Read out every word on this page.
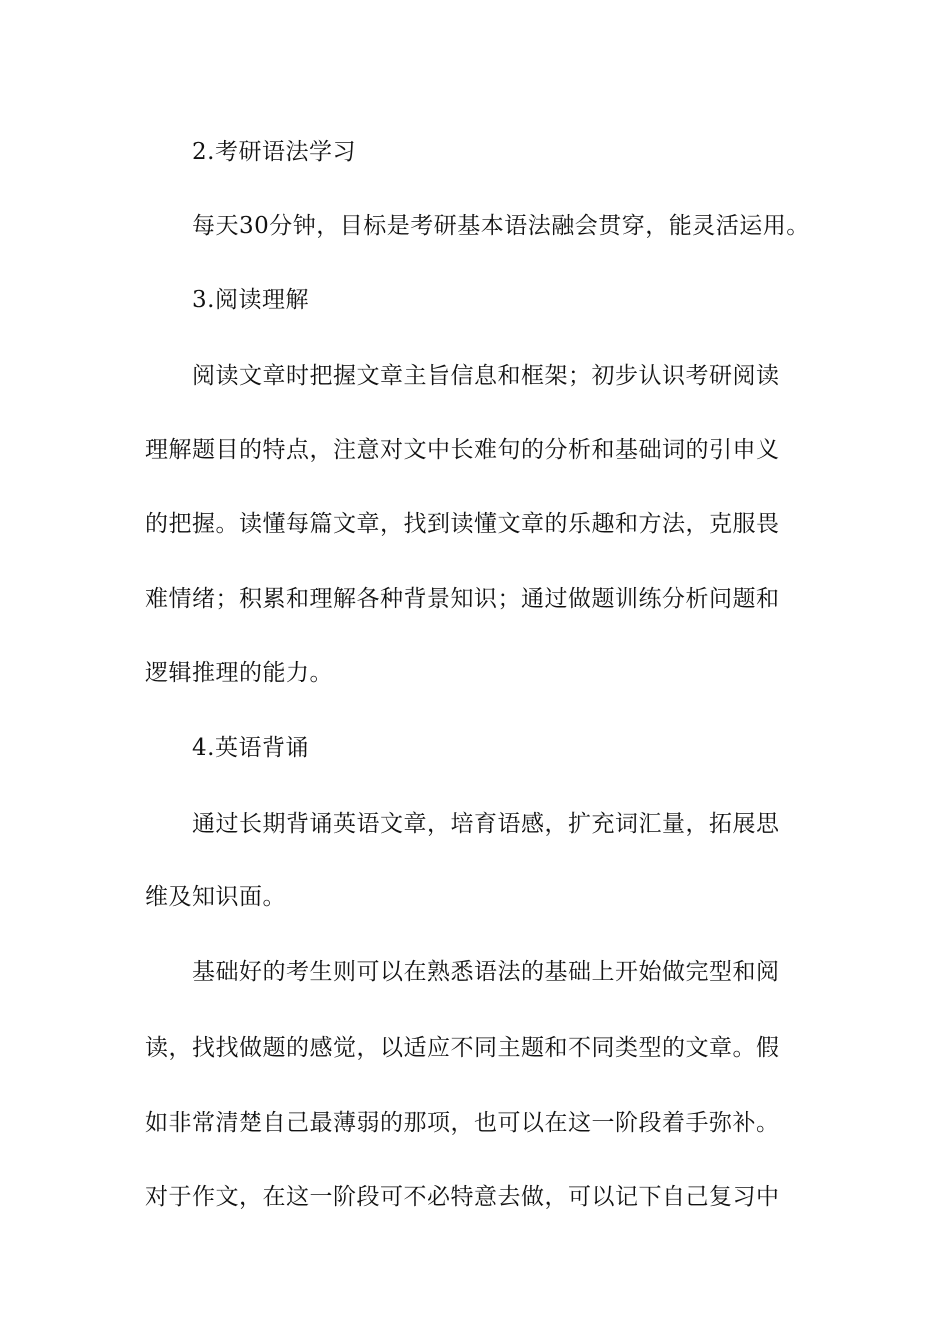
2.考研语法学习

每天30分钟，目标是考研基本语法融会贯穿，能灵活运用。

3.阅读理解

阅读文章时把握文章主旨信息和框架；初步认识考研阅读

理解题目的特点，注意对文中长难句的分析和基础词的引申义

的把握。读懂每篇文章，找到读懂文章的乐趣和方法，克服畏

难情绪；积累和理解各种背景知识；通过做题训练分析问题和

逻辑推理的能力。

4.英语背诵

通过长期背诵英语文章，培育语感，扩充词汇量，拓展思

维及知识面。

基础好的考生则可以在熟悉语法的基础上开始做完型和阅

读，找找做题的感觉，以适应不同主题和不同类型的文章。假

如非常清楚自己最薄弱的那项，也可以在这一阶段着手弥补。

对于作文，在这一阶段可不必特意去做，可以记下自己复习中
